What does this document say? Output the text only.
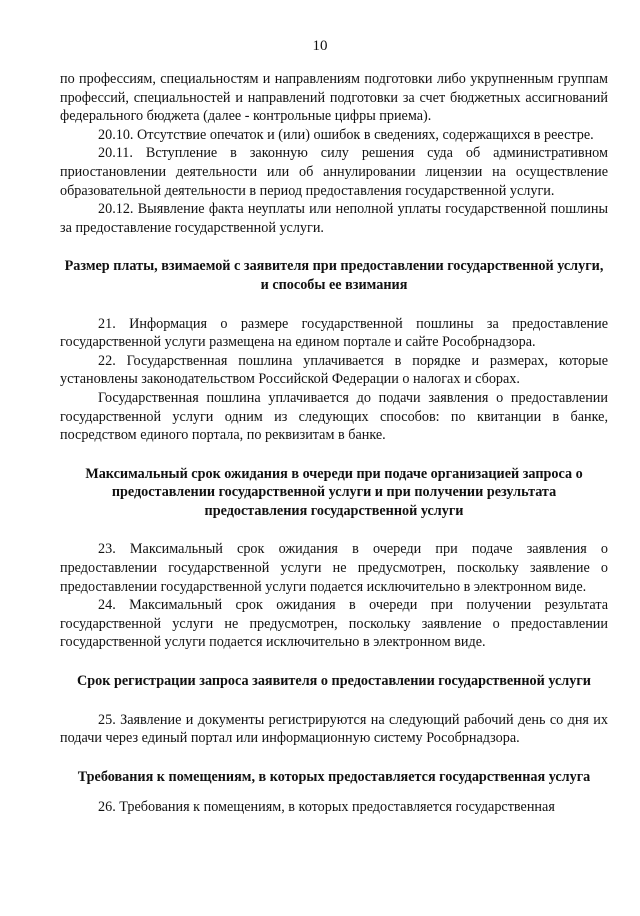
10

по профессиям, специальностям и направлениям подготовки либо укрупненным группам профессий, специальностей и направлений подготовки за счет бюджетных ассигнований федерального бюджета (далее - контрольные цифры приема).

20.10. Отсутствие опечаток и (или) ошибок в сведениях, содержащихся в реестре.

20.11. Вступление в законную силу решения суда об административном приостановлении деятельности или об аннулировании лицензии на осуществление образовательной деятельности в период предоставления государственной услуги.

20.12. Выявление факта неуплаты или неполной уплаты государственной пошлины за предоставление государственной услуги.

Размер платы, взимаемой с заявителя при предоставлении государственной услуги, и способы ее взимания

21. Информация о размере государственной пошлины за предоставление государственной услуги размещена на едином портале и сайте Рособрнадзора.

22. Государственная пошлина уплачивается в порядке и размерах, которые установлены законодательством Российской Федерации о налогах и сборах.

Государственная пошлина уплачивается до подачи заявления о предоставлении государственной услуги одним из следующих способов: по квитанции в банке, посредством единого портала, по реквизитам в банке.

Максимальный срок ожидания в очереди при подаче организацией запроса о предоставлении государственной услуги и при получении результата предоставления государственной услуги

23. Максимальный срок ожидания в очереди при подаче заявления о предоставлении государственной услуги не предусмотрен, поскольку заявление о предоставлении государственной услуги подается исключительно в электронном виде.

24. Максимальный срок ожидания в очереди при получении результата государственной услуги не предусмотрен, поскольку заявление о предоставлении государственной услуги подается исключительно в электронном виде.

Срок регистрации запроса заявителя о предоставлении государственной услуги

25. Заявление и документы регистрируются на следующий рабочий день со дня их подачи через единый портал или информационную систему Рособрнадзора.

Требования к помещениям, в которых предоставляется государственная услуга

26. Требования к помещениям, в которых предоставляется государственная
